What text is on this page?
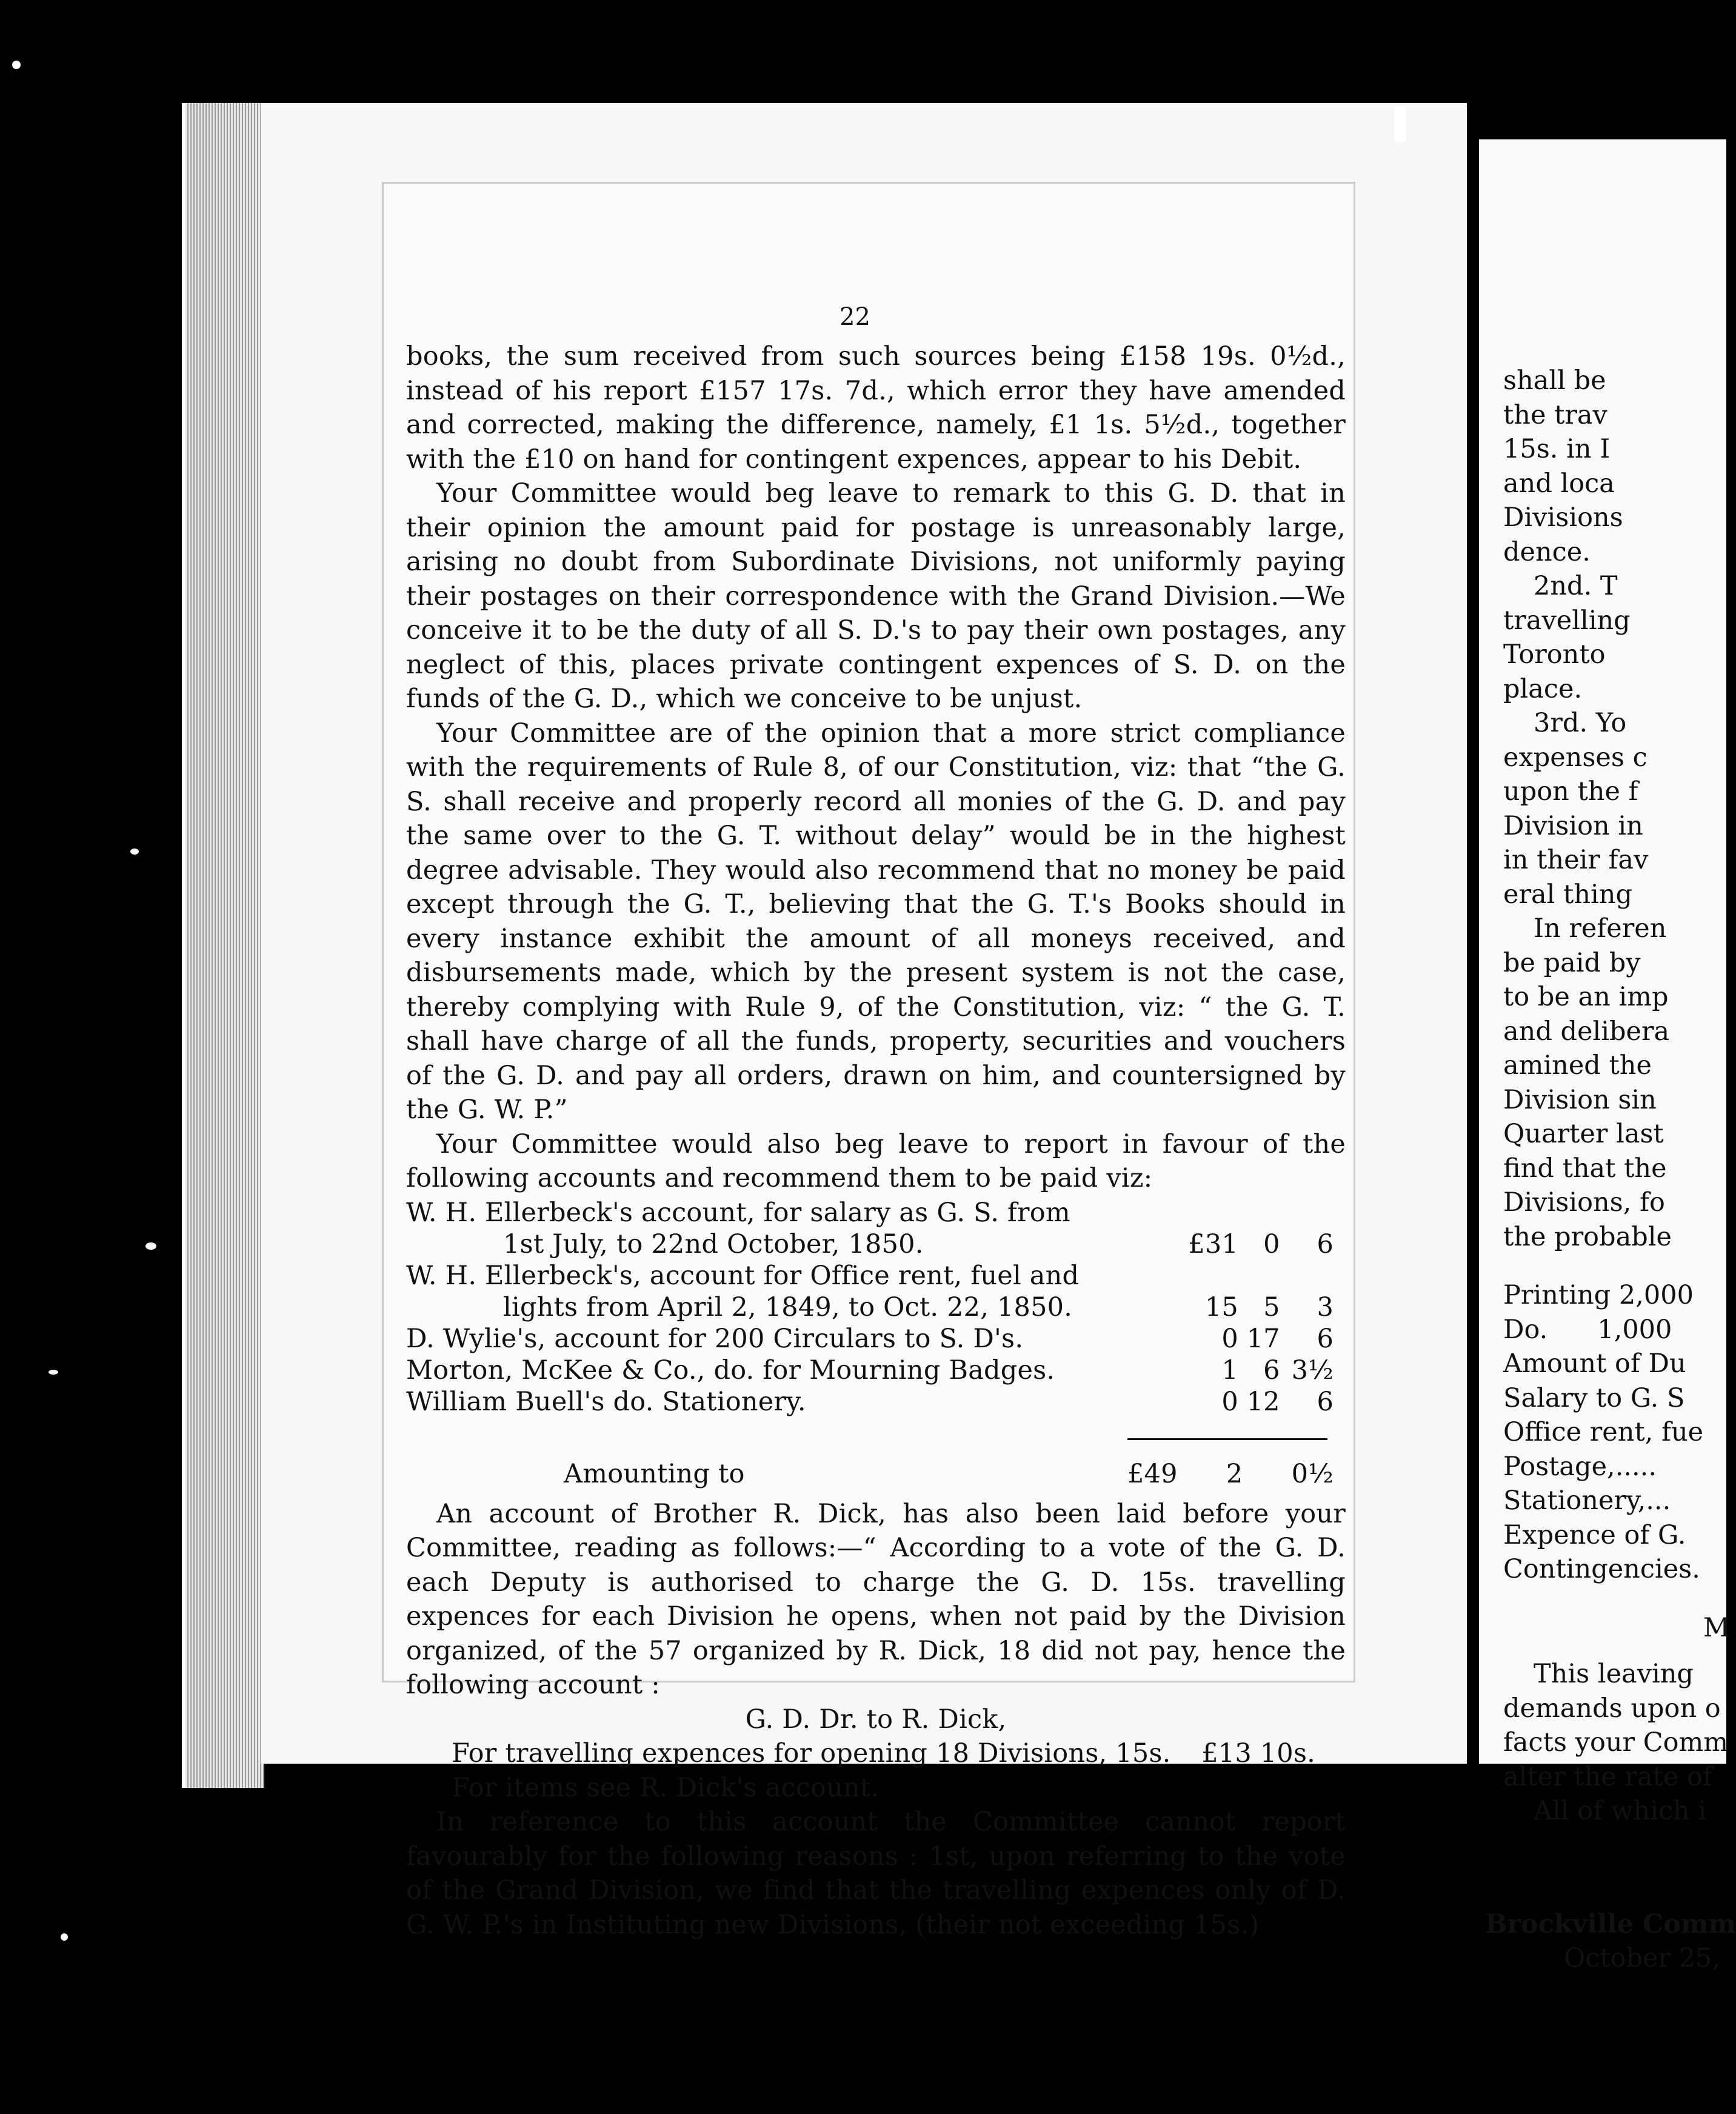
22

books, the sum received from such sources being £158 19s. 0½d., instead of his report £157 17s. 7d., which error they have amended and corrected, making the difference, namely, £1 1s. 5½d., together with the £10 on hand for contingent expences, appear to his Debit.

Your Committee would beg leave to remark to this G. D. that in their opinion the amount paid for postage is unreasonably large, arising no doubt from Subordinate Divisions, not uniformly paying their postages on their correspondence with the Grand Division.—We conceive it to be the duty of all S. D.'s to pay their own postages, any neglect of this, places private contingent expences of S. D. on the funds of the G. D., which we conceive to be unjust.

Your Committee are of the opinion that a more strict compliance with the requirements of Rule 8, of our Constitution, viz: that “the G. S. shall receive and properly record all monies of the G. D. and pay the same over to the G. T. without delay” would be in the highest degree advisable. They would also recommend that no money be paid except through the G. T., believing that the G. T.'s Books should in every instance exhibit the amount of all moneys received, and disbursements made, which by the present system is not the case, thereby complying with Rule 9, of the Constitution, viz: “ the G. T. shall have charge of all the funds, property, securities and vouchers of the G. D. and pay all orders, drawn on him, and countersigned by the G. W. P.”

Your Committee would also beg leave to report in favour of the following accounts and recommend them to be paid viz:

W. H. Ellerbeck's account, for salary as G. S. from			
1st July, to 22nd October, 1850.	£31	0	6
W. H. Ellerbeck's, account for Office rent, fuel and			
lights from April 2, 1849, to Oct. 22, 1850.	15	5	3
D. Wylie's, account for 200 Circulars to S. D's.	0	17	6
Morton, McKee & Co., do. for Mourning Badges.	1	6	3½
William Buell's do. Stationery.	0	12	6
Amounting to	£49 2 0½

An account of Brother R. Dick, has also been laid before your Committee, reading as follows:—“ According to a vote of the G. D. each Deputy is authorised to charge the G. D. 15s. travelling expences for each Division he opens, when not paid by the Division organized, of the 57 organized by R. Dick, 18 did not pay, hence the following account :

G. D. Dr. to R. Dick,
For travelling expences for opening 18 Divisions, 15s. £13 10s.
For items see R. Dick's account.

In reference to this account the Committee cannot report favourably for the following reasons : 1st, upon referring to the vote of the Grand Division, we find that the travelling expences only of D. G. W. P.'s in Instituting new Divisions, (their not exceeding 15s.)

shall be
the trav
15s. in I
and loca
Divisions
dence.
2nd. T
travelling
Toronto
place.
3rd. Yo
expenses c
upon the f
Division in
in their fav
eral thing
In referen
be paid by
to be an imp
and delibera
amined the
Division sin
Quarter last
find that the
Divisions, fo
the probable
Printing 2,000
Do.      1,000
Amount of Du
Salary to G. S
Office rent, fue
Postage,.....
Stationery,...
Expence of G.
Contingencies.
M
This leaving
demands upon o
facts your Comm
alter the rate of
All of which i
Brockville Comm
October 25,
